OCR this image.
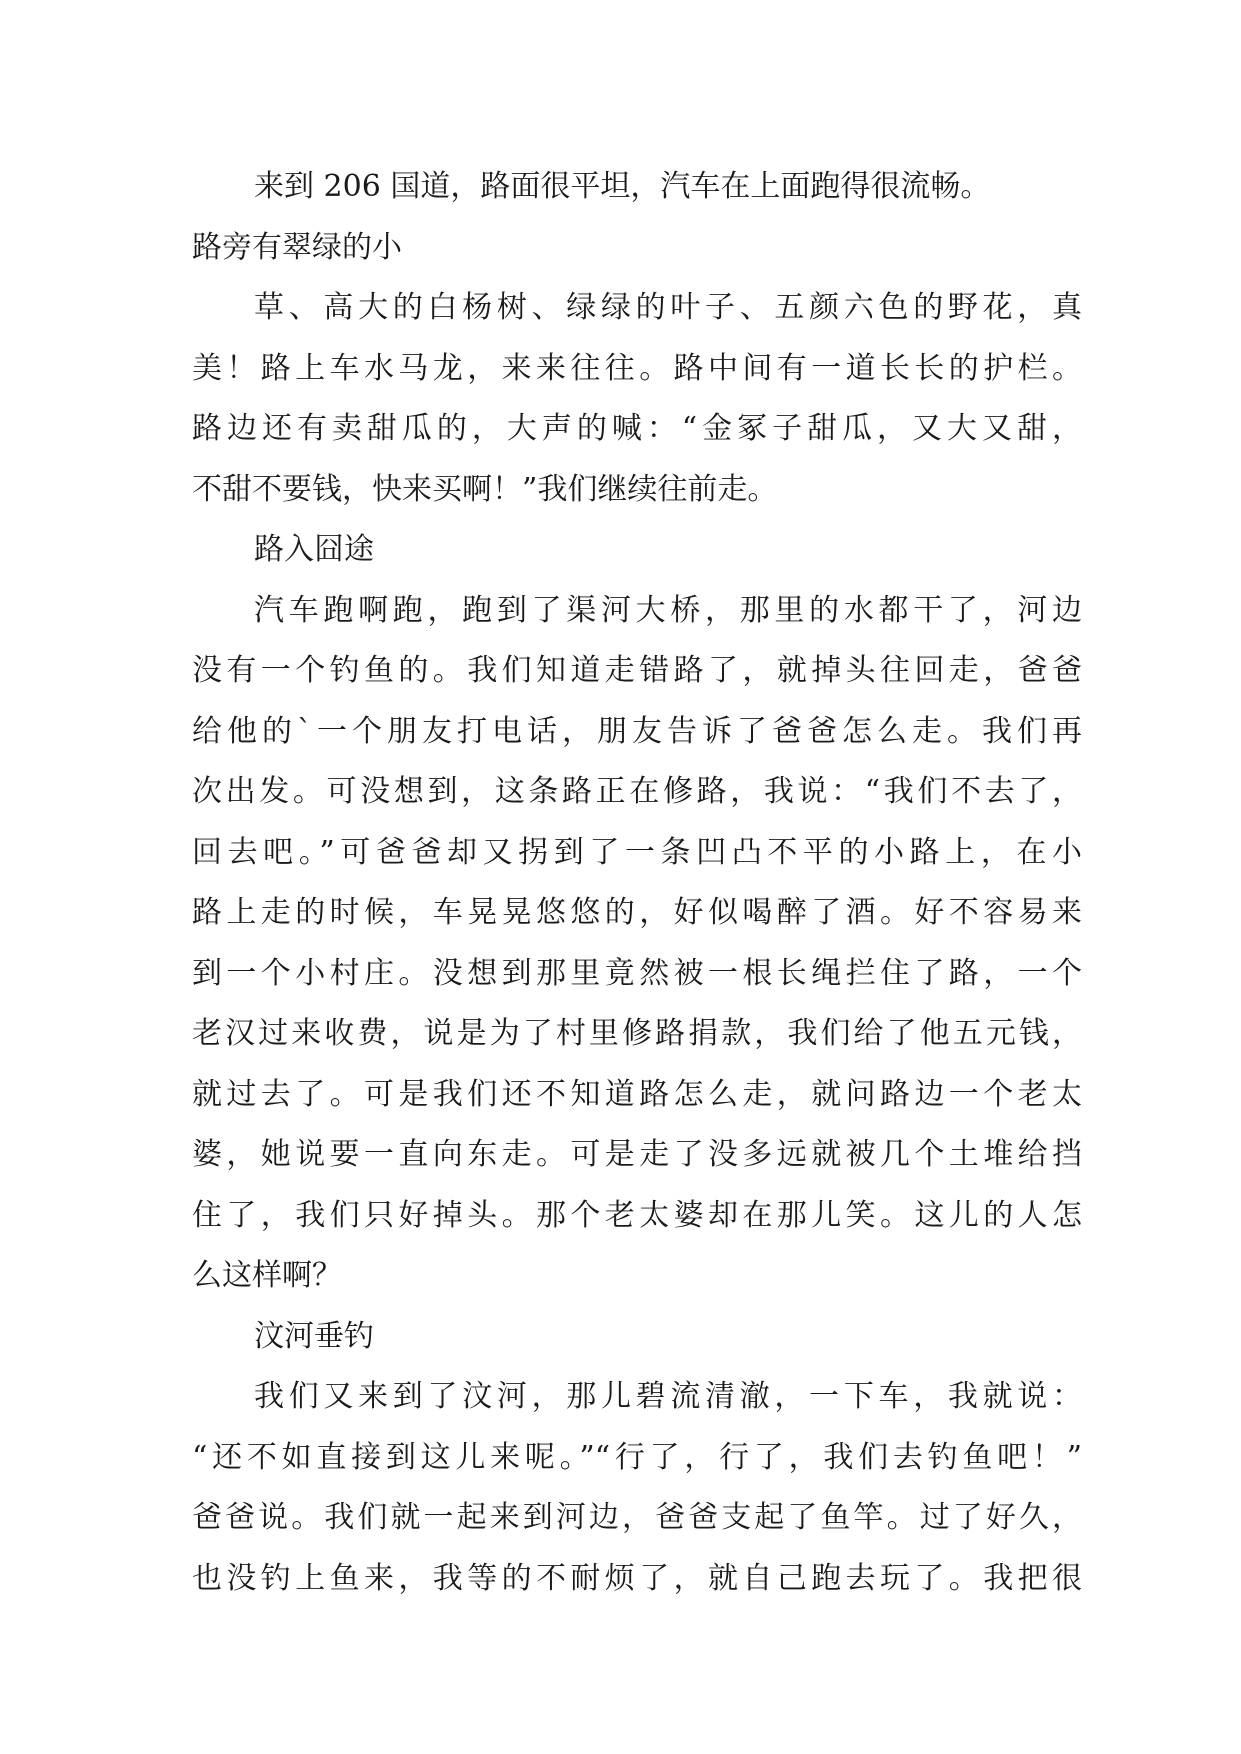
来到 206 国道，路面很平坦，汽车在上面跑得很流畅。
路旁有翠绿的小
草、高大的白杨树、绿绿的叶子、五颜六色的野花，真
美！路上车水马龙，来来往往。路中间有一道长长的护栏。
路边还有卖甜瓜的，大声的喊：“金冢子甜瓜，又大又甜，
不甜不要钱，快来买啊！”我们继续往前走。
路入囧途
汽车跑啊跑，跑到了渠河大桥，那里的水都干了，河边
没有一个钓鱼的。我们知道走错路了，就掉头往回走，爸爸
给他的`一个朋友打电话，朋友告诉了爸爸怎么走。我们再
次出发。可没想到，这条路正在修路，我说：“我们不去了，
回去吧。”可爸爸却又拐到了一条凹凸不平的小路上，在小
路上走的时候，车晃晃悠悠的，好似喝醉了酒。好不容易来
到一个小村庄。没想到那里竟然被一根长绳拦住了路，一个
老汉过来收费，说是为了村里修路捐款，我们给了他五元钱，
就过去了。可是我们还不知道路怎么走，就问路边一个老太
婆，她说要一直向东走。可是走了没多远就被几个土堆给挡
住了，我们只好掉头。那个老太婆却在那儿笑。这儿的人怎
么这样啊？
汶河垂钓
我们又来到了汶河，那儿碧流清澈，一下车，我就说：
“还不如直接到这儿来呢。”“行了，行了，我们去钓鱼吧！”
爸爸说。我们就一起来到河边，爸爸支起了鱼竿。过了好久，
也没钓上鱼来，我等的不耐烦了，就自己跑去玩了。我把很
